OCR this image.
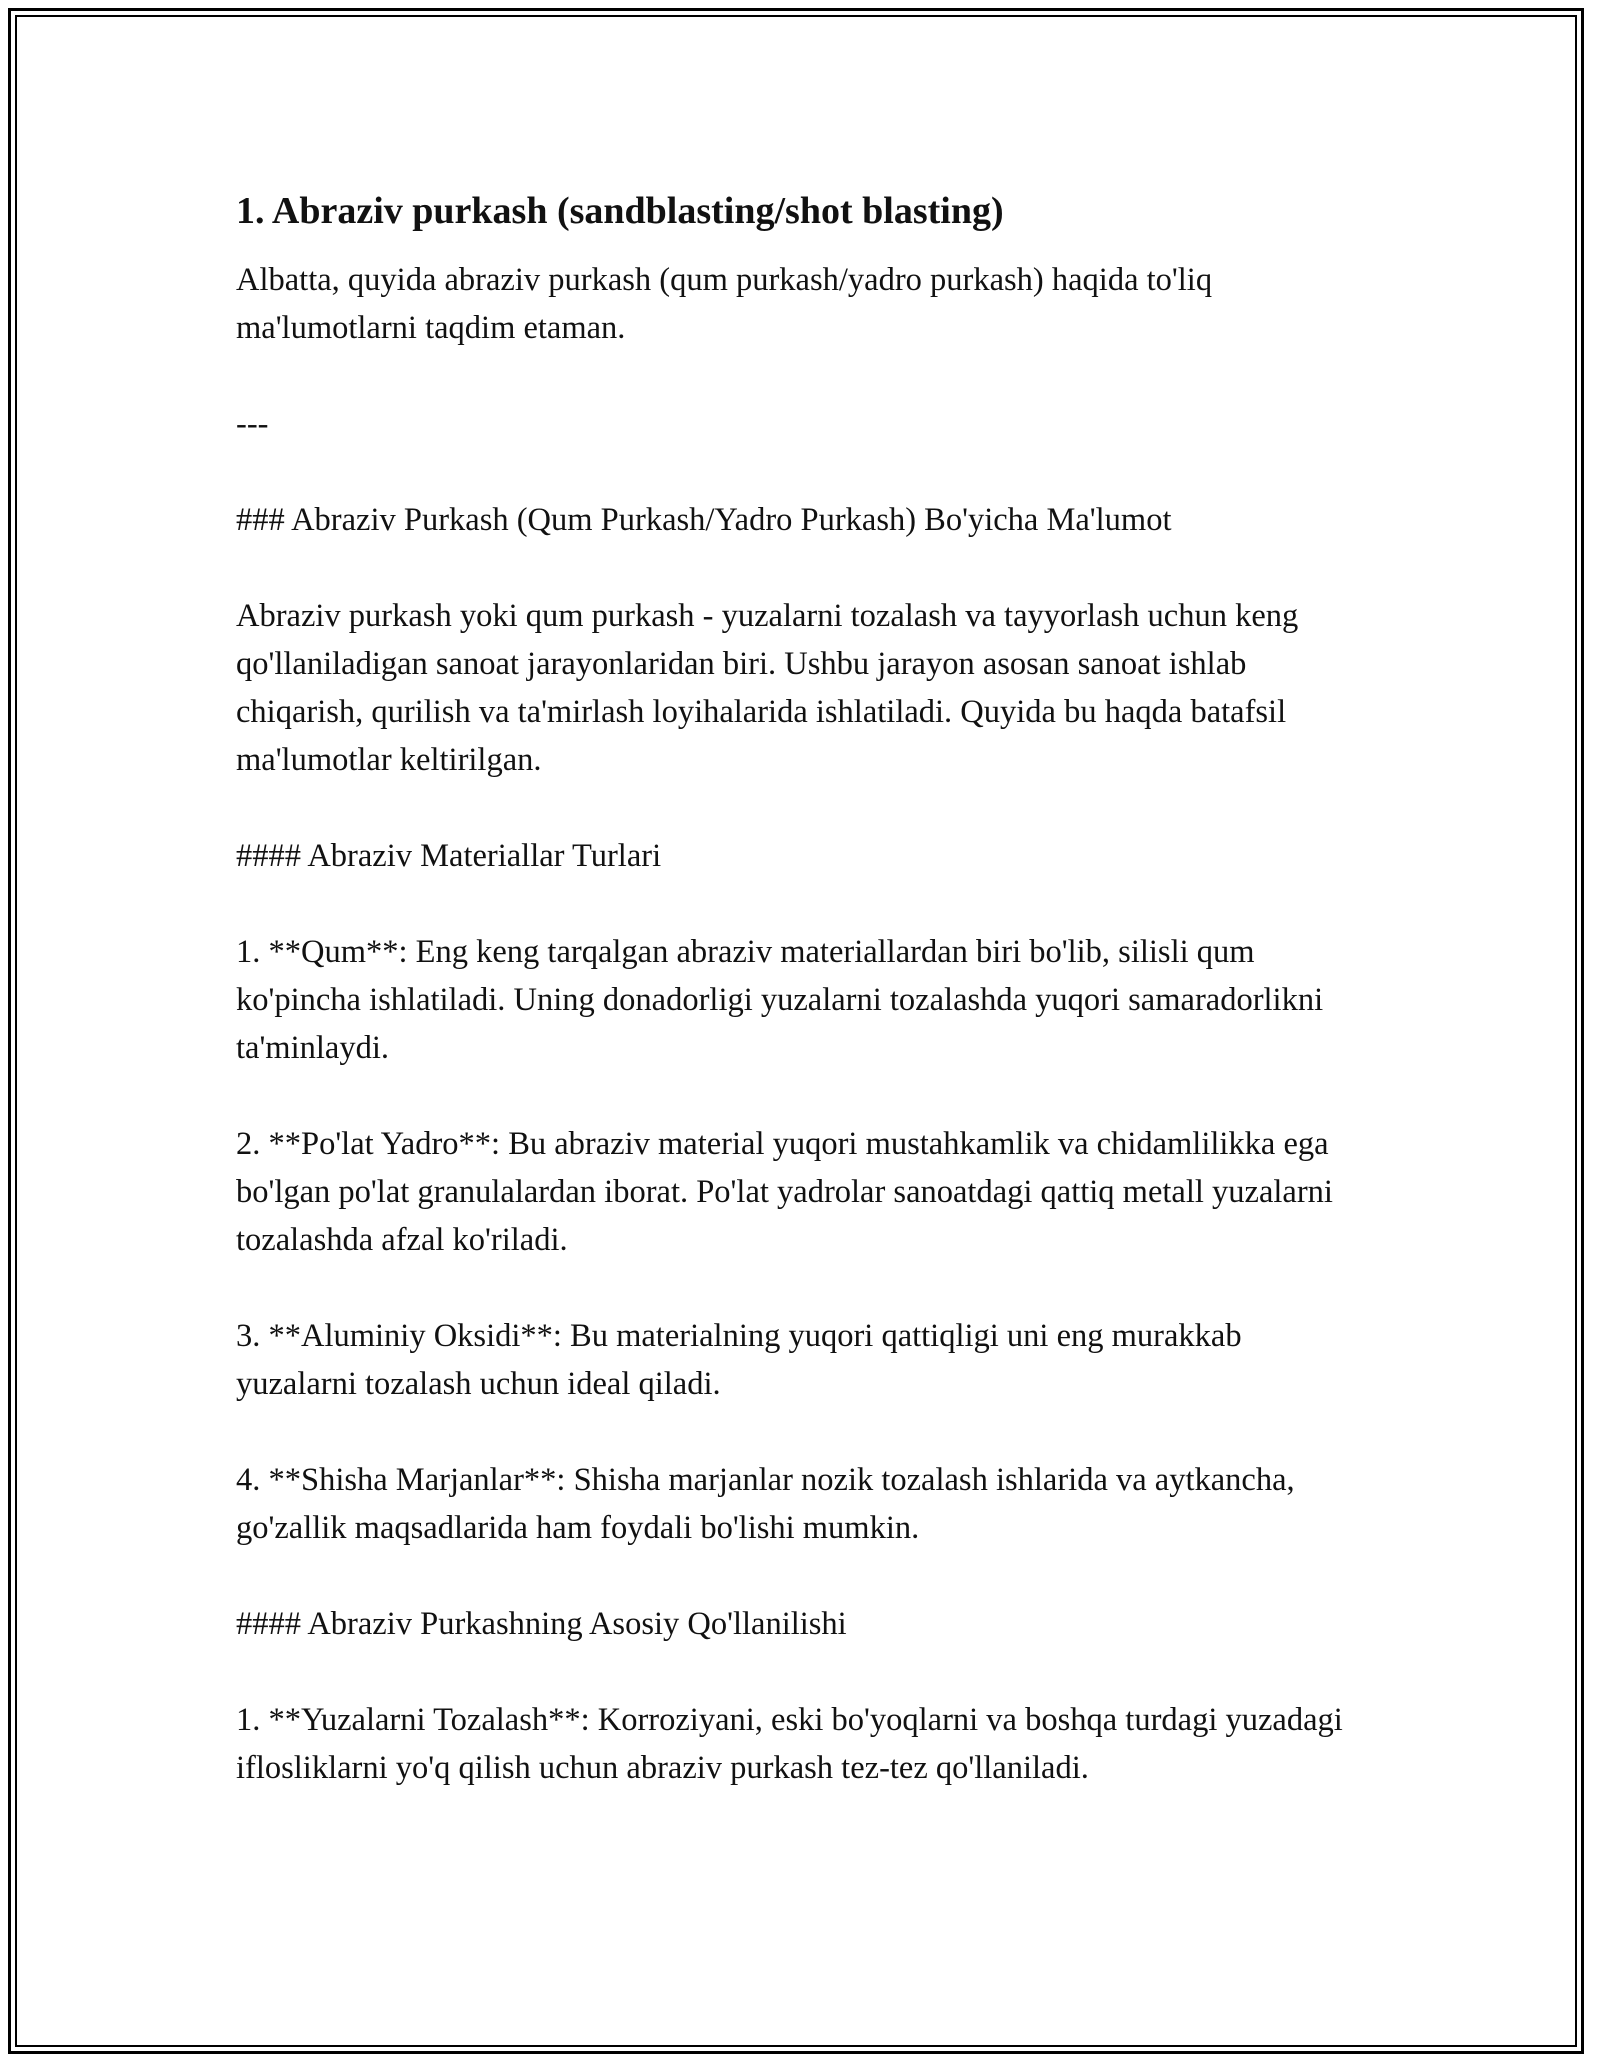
1. Abraziv purkash (sandblasting/shot blasting)

Albatta, quyida abraziv purkash (qum purkash/yadro purkash) haqida to'liq ma'lumotlarni taqdim etaman.

---

### Abraziv Purkash (Qum Purkash/Yadro Purkash) Bo'yicha Ma'lumot

Abraziv purkash yoki qum purkash - yuzalarni tozalash va tayyorlash uchun keng qo'llaniladigan sanoat jarayonlaridan biri. Ushbu jarayon asosan sanoat ishlab chiqarish, qurilish va ta'mirlash loyihalarida ishlatiladi. Quyida bu haqda batafsil ma'lumotlar keltirilgan.

#### Abraziv Materiallar Turlari

1. **Qum**: Eng keng tarqalgan abraziv materiallardan biri bo'lib, silisli qum ko'pincha ishlatiladi. Uning donadorligi yuzalarni tozalashda yuqori samaradorlikni ta'minlaydi.

2. **Po'lat Yadro**: Bu abraziv material yuqori mustahkamlik va chidamlilikka ega bo'lgan po'lat granulalardan iborat. Po'lat yadrolar sanoatdagi qattiq metall yuzalarni tozalashda afzal ko'riladi.

3. **Aluminiy Oksidi**: Bu materialning yuqori qattiqligi uni eng murakkab yuzalarni tozalash uchun ideal qiladi.

4. **Shisha Marjanlar**: Shisha marjanlar nozik tozalash ishlarida va aytkancha, go'zallik maqsadlarida ham foydali bo'lishi mumkin.

#### Abraziv Purkashning Asosiy Qo'llanilishi

1. **Yuzalarni Tozalash**: Korroziyani, eski bo'yoqlarni va boshqa turdagi yuzadagi iflosliklarni yo'q qilish uchun abraziv purkash tez-tez qo'llaniladi.
